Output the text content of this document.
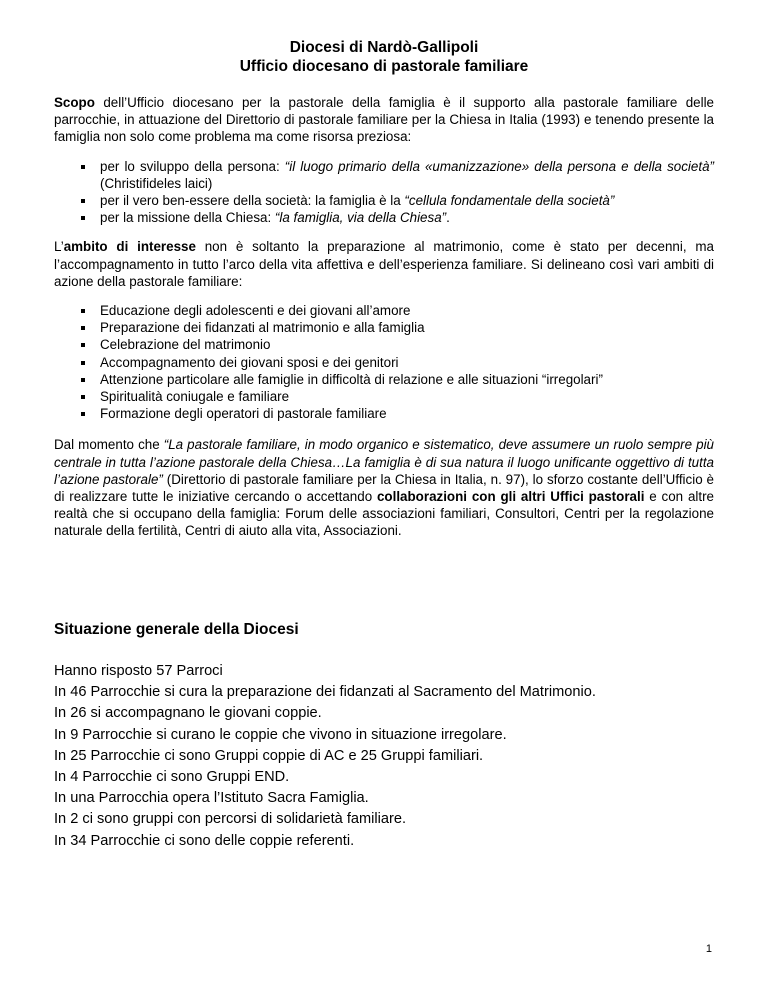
Diocesi di Nardò-Gallipoli
Ufficio diocesano di pastorale familiare

Scopo dell’Ufficio diocesano per la pastorale della famiglia è il supporto alla pastorale familiare delle parrocchie, in attuazione del Direttorio di pastorale familiare per la Chiesa in Italia (1993) e tenendo presente la famiglia non solo come problema ma come risorsa preziosa:

per lo sviluppo della persona: “il luogo primario della «umanizzazione» della persona e della società” (Christifideles laici)
per il vero ben-essere della società: la famiglia è la “cellula fondamentale della società”
per la missione della Chiesa: “la famiglia, via della Chiesa”.

L’ambito di interesse non è soltanto la preparazione al matrimonio, come è stato per decenni, ma l’accompagnamento in tutto l’arco della vita affettiva e dell’esperienza familiare. Si delineano così vari ambiti di azione della pastorale familiare:

Educazione degli adolescenti e dei giovani all’amore
Preparazione dei fidanzati al matrimonio e alla famiglia
Celebrazione del matrimonio
Accompagnamento dei giovani sposi e dei genitori
Attenzione particolare alle famiglie in difficoltà di relazione e alle situazioni “irregolari”
Spiritualità coniugale e familiare
Formazione degli operatori di pastorale familiare

Dal momento che “La pastorale familiare, in modo organico e sistematico, deve assumere un ruolo sempre più centrale in tutta l’azione pastorale della Chiesa…La famiglia è di sua natura il luogo unificante oggettivo di tutta l’azione pastorale” (Direttorio di pastorale familiare per la Chiesa in Italia, n. 97), lo sforzo costante dell’Ufficio è di realizzare tutte le iniziative cercando o accettando collaborazioni con gli altri Uffici pastorali e con altre realtà che si occupano della famiglia: Forum delle associazioni familiari, Consultori, Centri per la regolazione naturale della fertilità, Centri di aiuto alla vita, Associazioni.

Situazione generale della Diocesi
Hanno risposto 57 Parroci
In 46 Parrocchie si cura la preparazione dei fidanzati al Sacramento del Matrimonio.
In 26 si accompagnano le giovani coppie.
In 9 Parrocchie si curano le coppie che vivono in situazione irregolare.
In 25 Parrocchie ci sono Gruppi coppie di AC e 25 Gruppi familiari.
In 4 Parrocchie ci sono Gruppi END.
In una Parrocchia opera l’Istituto Sacra Famiglia.
In 2 ci sono gruppi con percorsi di solidarietà familiare.
In 34 Parrocchie ci sono delle coppie referenti.
1
